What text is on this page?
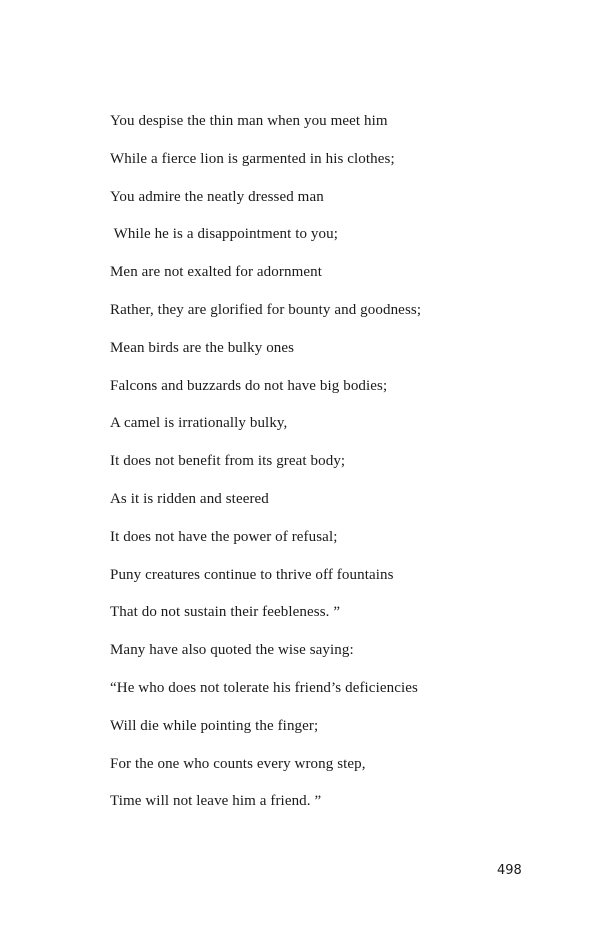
You despise the thin man when you meet him
While a fierce lion is garmented in his clothes;
You admire the neatly dressed man
While he is a disappointment to you;
Men are not exalted for adornment
Rather, they are glorified for bounty and goodness;
Mean birds are the bulky ones
Falcons and buzzards do not have big bodies;
A camel is irrationally bulky,
It does not benefit from its great body;
As it is ridden and steered
It does not have the power of refusal;
Puny creatures continue to thrive off fountains
That do not sustain their feebleness. ”
Many have also quoted the wise saying:
“He who does not tolerate his friend’s deficiencies
Will die while pointing the finger;
For the one who counts every wrong step,
Time will not leave him a friend. ”
498
